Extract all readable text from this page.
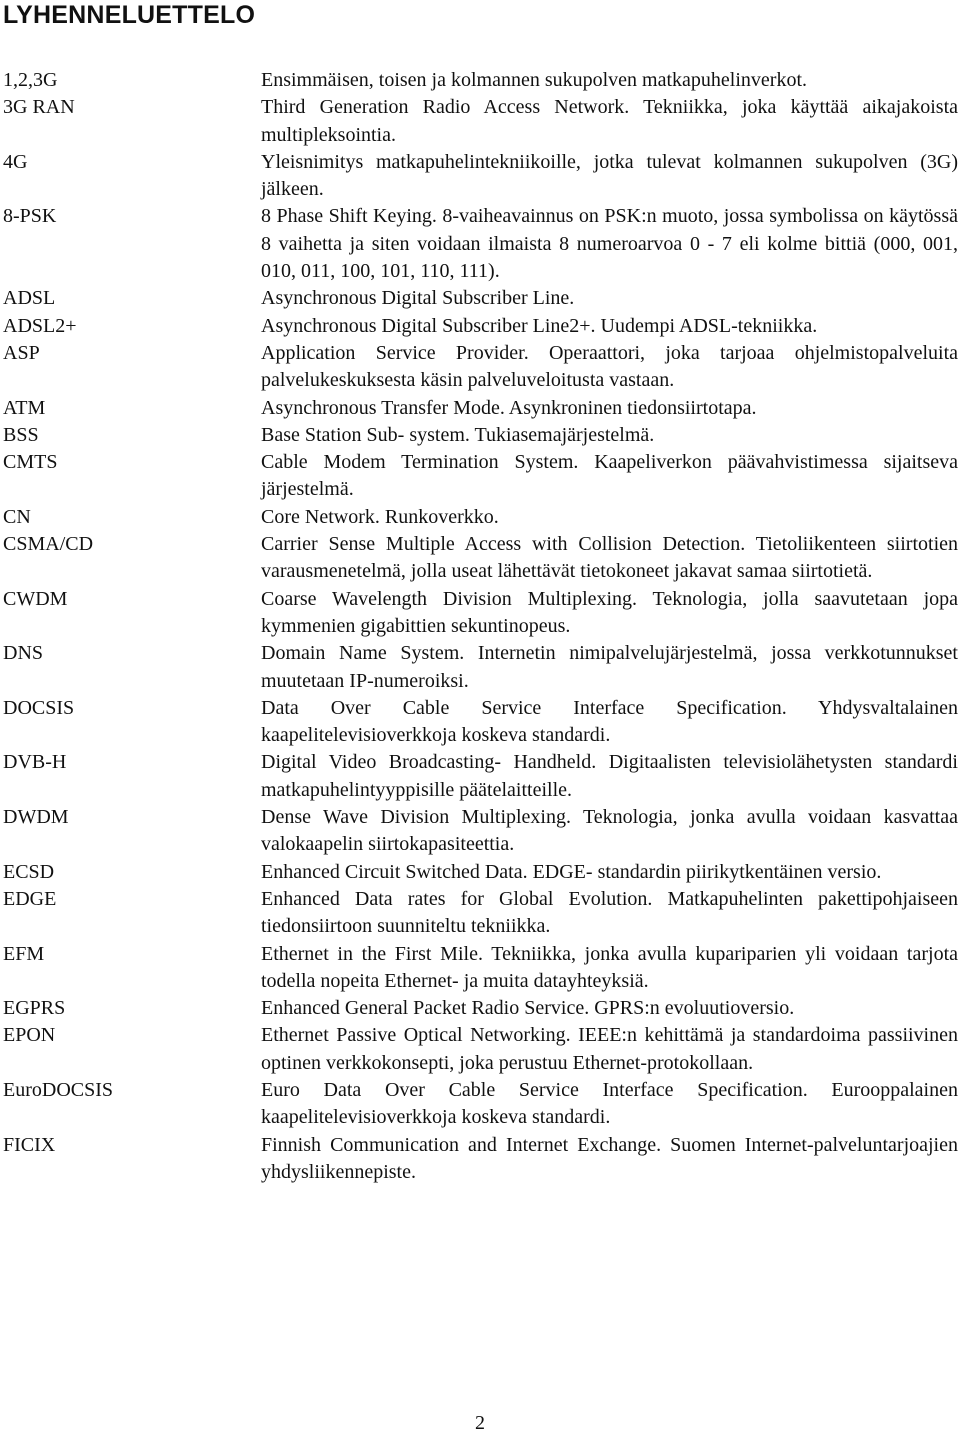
LYHENNELUETTELO
1,2,3G	Ensimmäisen, toisen ja kolmannen sukupolven matkapuhelinverkot.
3G RAN	Third Generation Radio Access Network. Tekniikka, joka käyttää aikajakoista multipleksointia.
4G	Yleisnimitys matkapuhelintekniikoille, jotka tulevat kolmannen sukupolven (3G) jälkeen.
8-PSK	8 Phase Shift Keying. 8-vaiheavainnus on PSK:n muoto, jossa symbolissa on käytössä 8 vaihetta ja siten voidaan ilmaista 8 numeroarvoa 0 - 7 eli kolme bittiä (000, 001, 010, 011, 100, 101, 110, 111).
ADSL	Asynchronous Digital Subscriber Line.
ADSL2+	Asynchronous Digital Subscriber Line2+. Uudempi ADSL-tekniikka.
ASP	Application Service Provider. Operaattori, joka tarjoaa ohjelmistopalveluita palvelukeskuksesta käsin palveluveloitusta vastaan.
ATM	Asynchronous Transfer Mode. Asynkroninen tiedonsiirtotapa.
BSS	Base Station Sub- system. Tukiasemajärjestelmä.
CMTS	Cable Modem Termination System. Kaapeliverkon päävahvistimessa sijaitseva järjestelmä.
CN	Core Network. Runkoverkko.
CSMA/CD	Carrier Sense Multiple Access with Collision Detection. Tietoliikenteen siirtotien varausmenetelmä, jolla useat lähettävät tietokoneet jakavat samaa siirtotietä.
CWDM	Coarse Wavelength Division Multiplexing. Teknologia, jolla saavutetaan jopa kymmenien gigabittien sekuntinopeus.
DNS	Domain Name System. Internetin nimipalvelujärjestelmä, jossa verkkotunnukset muutetaan IP-numeroiksi.
DOCSIS	Data Over Cable Service Interface Specification. Yhdysvaltalainen kaapelitelevisioverkkoja koskeva standardi.
DVB-H	Digital Video Broadcasting- Handheld. Digitaalisten televisiolähetysten standardi matkapuhelintyyppisille päätelaitteille.
DWDM	Dense Wave Division Multiplexing. Teknologia, jonka avulla voidaan kasvattaa valokaapelin siirtokapasiteettia.
ECSD	Enhanced Circuit Switched Data. EDGE- standardin piirikytkentäinen versio.
EDGE	Enhanced Data rates for Global Evolution. Matkapuhelinten pakettipohjaiseen tiedonsiirtoon suunniteltu tekniikka.
EFM	Ethernet in the First Mile. Tekniikka, jonka avulla kupariparien yli voidaan tarjota todella nopeita Ethernet- ja muita datayhteyksiä.
EGPRS	Enhanced General Packet Radio Service. GPRS:n evoluutioversio.
EPON	Ethernet Passive Optical Networking. IEEE:n kehittämä ja standardoima passiivinen optinen verkkokonsepti, joka perustuu Ethernet-protokollaan.
EuroDOCSIS	Euro Data Over Cable Service Interface Specification. Eurooppalainen kaapelitelevisioverkkoja koskeva standardi.
FICIX	Finnish Communication and Internet Exchange. Suomen Internet-palveluntarjoajien yhdysliikennepiste.
2
